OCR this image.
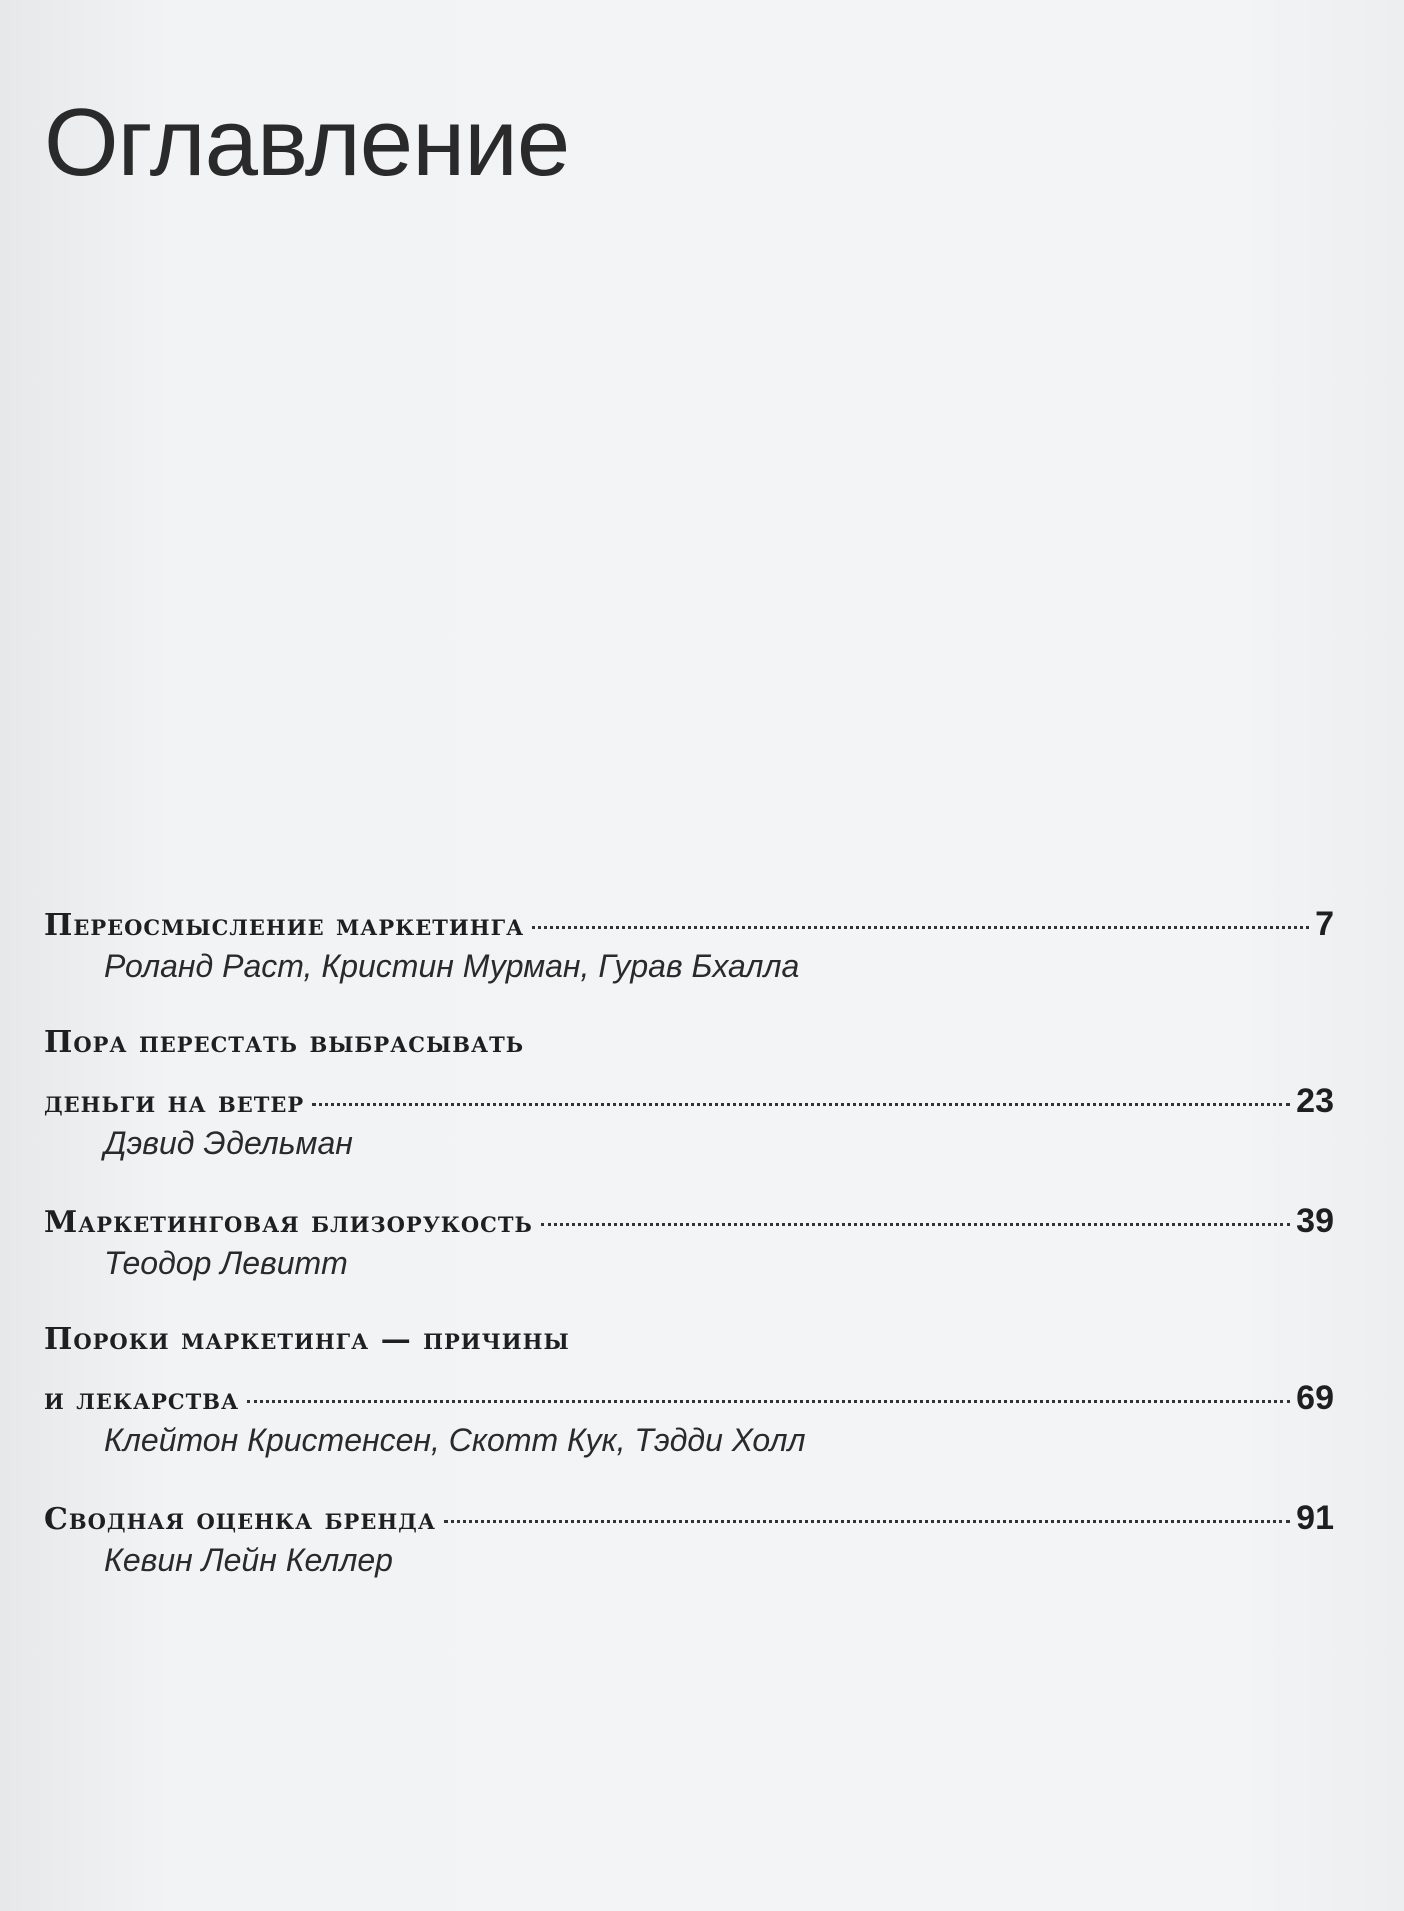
Оглавление
Переосмысление маркетинга	7
Роланд Раст, Кристин Мурман, Гурав Бхалла
Пора перестать выбрасывать
деньги на ветер	23
Дэвид Эдельман
Маркетинговая близорукость	39
Теодор Левитт
Пороки маркетинга — причины
и лекарства	69
Клейтон Кристенсен, Скотт Кук, Тэдди Холл
Сводная оценка бренда	91
Кевин Лейн Келлер
